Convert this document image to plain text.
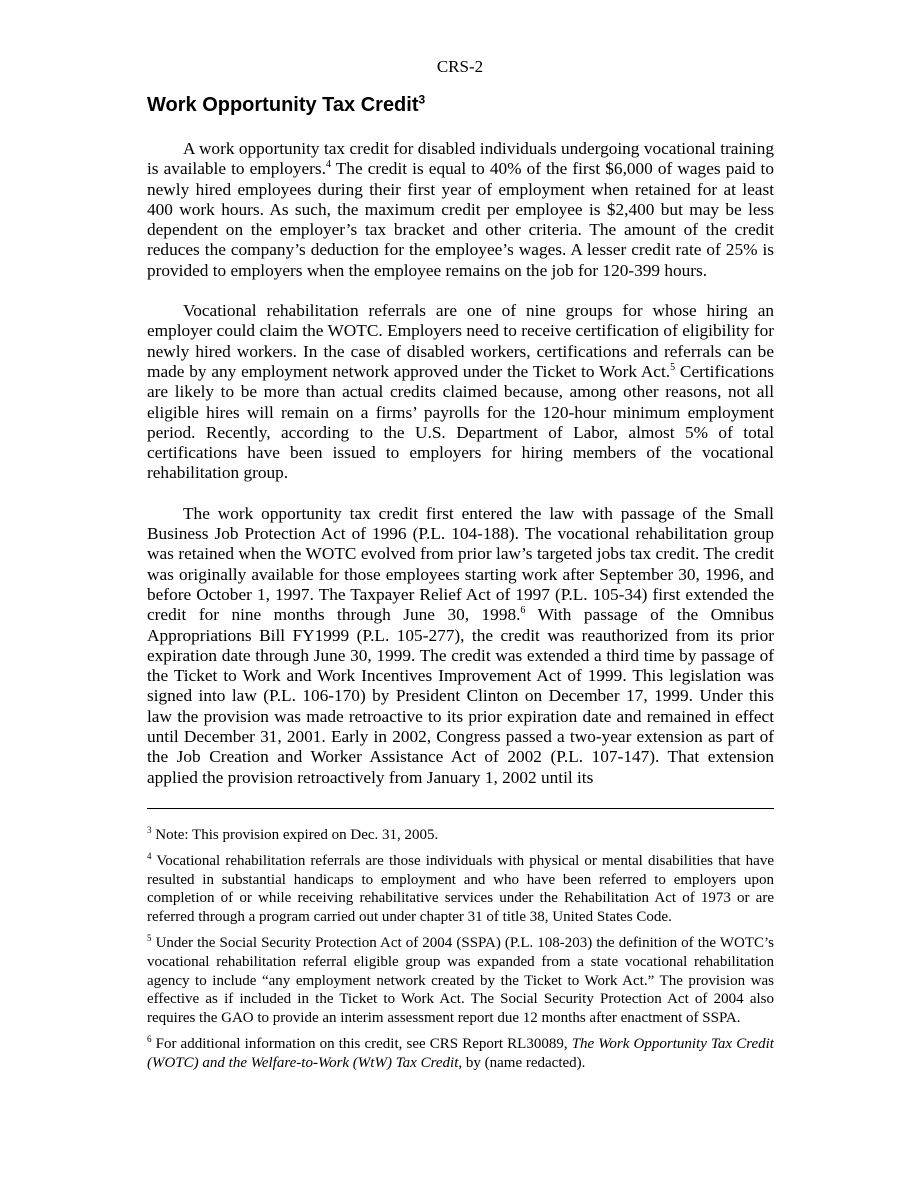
CRS-2
Work Opportunity Tax Credit$^3$

A work opportunity tax credit for disabled individuals undergoing vocational training is available to employers.$^4$ The credit is equal to 40% of the first $6,000 of wages paid to newly hired employees during their first year of employment when retained for at least 400 work hours. As such, the maximum credit per employee is $2,400 but may be less dependent on the employer’s tax bracket and other criteria. The amount of the credit reduces the company’s deduction for the employee’s wages. A lesser credit rate of 25% is provided to employers when the employee remains on the job for 120-399 hours.

Vocational rehabilitation referrals are one of nine groups for whose hiring an employer could claim the WOTC. Employers need to receive certification of eligibility for newly hired workers. In the case of disabled workers, certifications and referrals can be made by any employment network approved under the Ticket to Work Act.$^5$ Certifications are likely to be more than actual credits claimed because, among other reasons, not all eligible hires will remain on a firms’ payrolls for the 120-hour minimum employment period. Recently, according to the U.S. Department of Labor, almost 5% of total certifications have been issued to employers for hiring members of the vocational rehabilitation group.

The work opportunity tax credit first entered the law with passage of the Small Business Job Protection Act of 1996 (P.L. 104-188). The vocational rehabilitation group was retained when the WOTC evolved from prior law’s targeted jobs tax credit. The credit was originally available for those employees starting work after September 30, 1996, and before October 1, 1997. The Taxpayer Relief Act of 1997 (P.L. 105-34) first extended the credit for nine months through June 30, 1998.$^6$ With passage of the Omnibus Appropriations Bill FY1999 (P.L. 105-277), the credit was reauthorized from its prior expiration date through June 30, 1999. The credit was extended a third time by passage of the Ticket to Work and Work Incentives Improvement Act of 1999. This legislation was signed into law (P.L. 106-170) by President Clinton on December 17, 1999. Under this law the provision was made retroactive to its prior expiration date and remained in effect until December 31, 2001. Early in 2002, Congress passed a two-year extension as part of the Job Creation and Worker Assistance Act of 2002 (P.L. 107-147). That extension applied the provision retroactively from January 1, 2002 until its

$^3$ Note: This provision expired on Dec. 31, 2005.

$^4$ Vocational rehabilitation referrals are those individuals with physical or mental disabilities that have resulted in substantial handicaps to employment and who have been referred to employers upon completion of or while receiving rehabilitative services under the Rehabilitation Act of 1973 or are referred through a program carried out under chapter 31 of title 38, United States Code.

$^5$ Under the Social Security Protection Act of 2004 (SSPA) (P.L. 108-203) the definition of the WOTC’s vocational rehabilitation referral eligible group was expanded from a state vocational rehabilitation agency to include “any employment network created by the Ticket to Work Act.” The provision was effective as if included in the Ticket to Work Act. The Social Security Protection Act of 2004 also requires the GAO to provide an interim assessment report due 12 months after enactment of SSPA.

$^6$ For additional information on this credit, see CRS Report RL30089, The Work Opportunity Tax Credit (WOTC) and the Welfare-to-Work (WtW) Tax Credit, by (name redacted).
